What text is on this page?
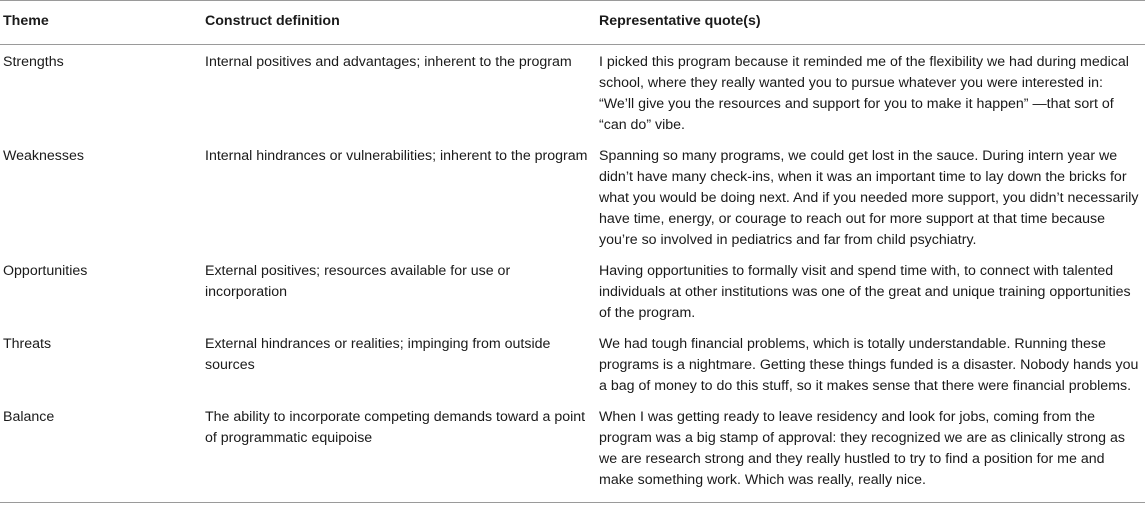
Theme	Construct definition	Representative quote(s)
Strengths	Internal positives and advantages; inherent to the program	I picked this program because it reminded me of the flexibility we had during medical school, where they really wanted you to pursue whatever you were interested in: “We’ll give you the resources and support for you to make it happen” —that sort of “can do” vibe.
Weaknesses	Internal hindrances or vulnerabilities; inherent to the program	Spanning so many programs, we could get lost in the sauce. During intern year we didn’t have many check-ins, when it was an important time to lay down the bricks for what you would be doing next. And if you needed more support, you didn’t necessarily have time, energy, or courage to reach out for more support at that time because you’re so involved in pediatrics and far from child psychiatry.
Opportunities	External positives; resources available for use or incorporation	Having opportunities to formally visit and spend time with, to connect with talented individuals at other institutions was one of the great and unique training opportunities of the program.
Threats	External hindrances or realities; impinging from outside sources	We had tough financial problems, which is totally understandable. Running these programs is a nightmare. Getting these things funded is a disaster. Nobody hands you a bag of money to do this stuff, so it makes sense that there were financial problems.
Balance	The ability to incorporate competing demands toward a point of programmatic equipoise	When I was getting ready to leave residency and look for jobs, coming from the program was a big stamp of approval: they recognized we are as clinically strong as we are research strong and they really hustled to try to find a position for me and make something work. Which was really, really nice.
